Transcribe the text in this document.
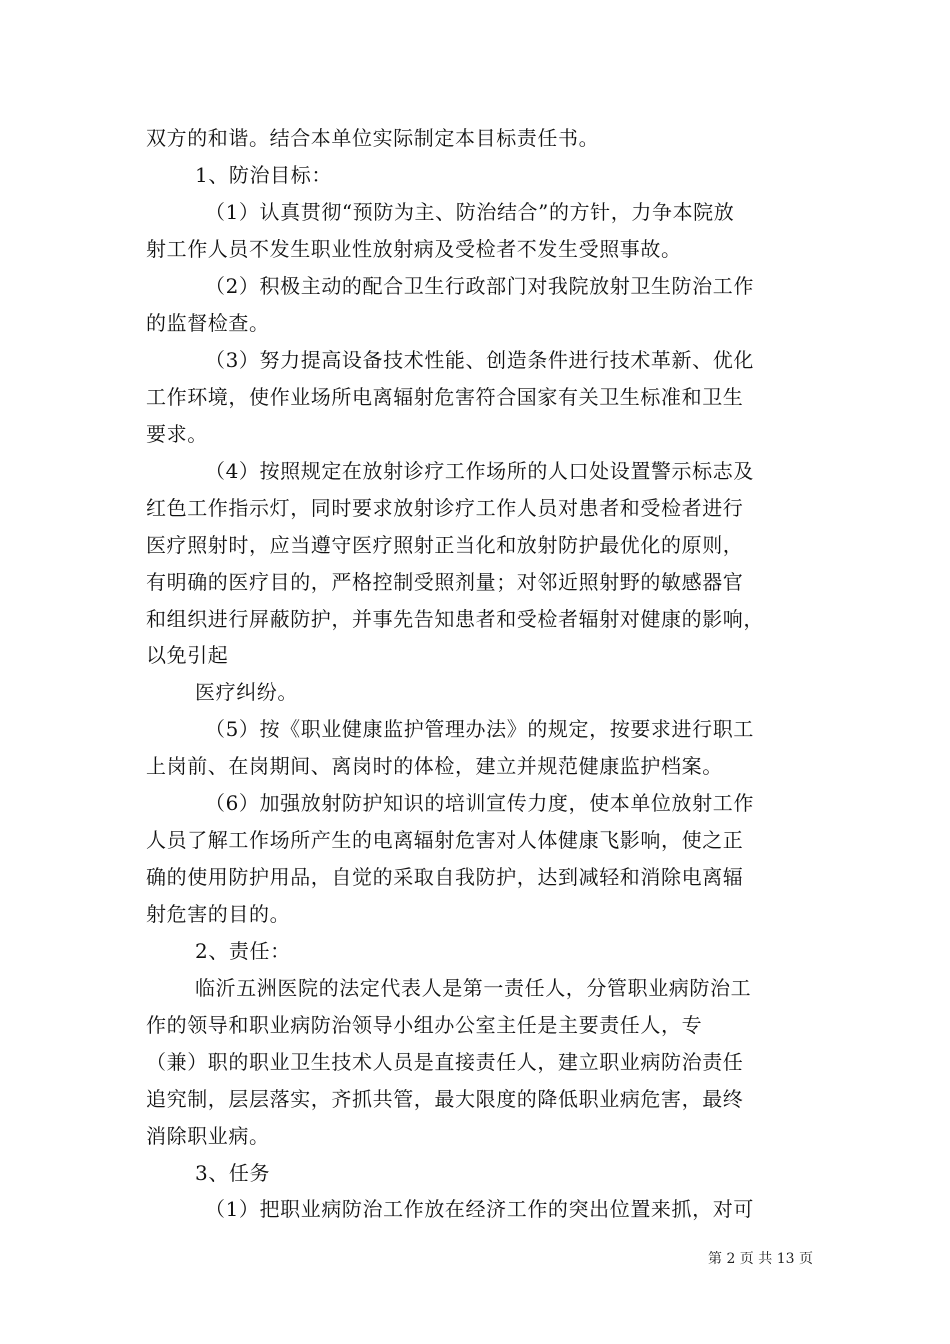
双方的和谐。结合本单位实际制定本目标责任书。
1、防治目标：
（1）认真贯彻“预防为主、防治结合”的方针，力争本院放
射工作人员不发生职业性放射病及受检者不发生受照事故。
（2）积极主动的配合卫生行政部门对我院放射卫生防治工作
的监督检查。
（3）努力提高设备技术性能、创造条件进行技术革新、优化
工作环境，使作业场所电离辐射危害符合国家有关卫生标准和卫生
要求。
（4）按照规定在放射诊疗工作场所的人口处设置警示标志及
红色工作指示灯，同时要求放射诊疗工作人员对患者和受检者进行
医疗照射时，应当遵守医疗照射正当化和放射防护最优化的原则，
有明确的医疗目的，严格控制受照剂量；对邻近照射野的敏感器官
和组织进行屏蔽防护，并事先告知患者和受检者辐射对健康的影响，
以免引起
医疗纠纷。
（5）按《职业健康监护管理办法》的规定，按要求进行职工
上岗前、在岗期间、离岗时的体检，建立并规范健康监护档案。
（6）加强放射防护知识的培训宣传力度，使本单位放射工作
人员了解工作场所产生的电离辐射危害对人体健康飞影响，使之正
确的使用防护用品，自觉的采取自我防护，达到减轻和消除电离辐
射危害的目的。
2、责任：
临沂五洲医院的法定代表人是第一责任人，分管职业病防治工
作的领导和职业病防治领导小组办公室主任是主要责任人，专
（兼）职的职业卫生技术人员是直接责任人，建立职业病防治责任
追究制，层层落实，齐抓共管，最大限度的降低职业病危害，最终
消除职业病。
3、任务
（1）把职业病防治工作放在经济工作的突出位置来抓，对可
第 2 页 共 13 页
